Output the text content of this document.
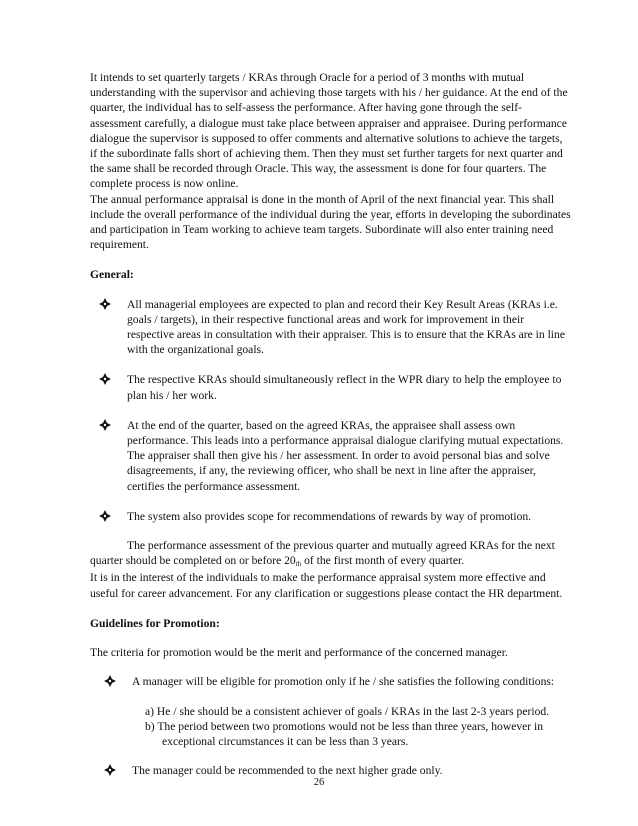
It intends to set quarterly targets / KRAs through Oracle for a period of 3 months with mutual understanding with the supervisor and achieving those targets with his / her guidance. At the end of the quarter, the individual has to self-assess the performance. After having gone through the self-assessment carefully, a dialogue must take place between appraiser and appraisee. During performance dialogue the supervisor is supposed to offer comments and alternative solutions to achieve the targets, if the subordinate falls short of achieving them. Then they must set further targets for next quarter and the same shall be recorded through Oracle. This way, the assessment is done for four quarters. The complete process is now online.

The annual performance appraisal is done in the month of April of the next financial year. This shall include the overall performance of the individual during the year, efforts in developing the subordinates and participation in Team working to achieve team targets. Subordinate will also enter training need requirement.

General:

All managerial employees are expected to plan and record their Key Result Areas (KRAs i.e. goals / targets), in their respective functional areas and work for improvement in their respective areas in consultation with their appraiser. This is to ensure that the KRAs are in line with the organizational goals.

The respective KRAs should simultaneously reflect in the WPR diary to help the employee to plan his / her work.

At the end of the quarter, based on the agreed KRAs, the appraisee shall assess own performance. This leads into a performance appraisal dialogue clarifying mutual expectations. The appraiser shall then give his / her assessment. In order to avoid personal bias and solve disagreements, if any, the reviewing officer, who shall be next in line after the appraiser, certifies the performance assessment.

The system also provides scope for recommendations of rewards by way of promotion.

The performance assessment of the previous quarter and mutually agreed KRAs for the next quarter should be completed on or before $20_{th}$ of the first month of every quarter.

It is in the interest of the individuals to make the performance appraisal system more effective and useful for career advancement. For any clarification or suggestions please contact the HR department.

Guidelines for Promotion:

The criteria for promotion would be the merit and performance of the concerned manager.

A manager will be eligible for promotion only if he / she satisfies the following conditions:

a) He / she should be a consistent achiever of goals / KRAs in the last 2-3 years period.

b) The period between two promotions would not be less than three years, however in

exceptional circumstances it can be less than 3 years.

The manager could be recommended to the next higher grade only.

26
